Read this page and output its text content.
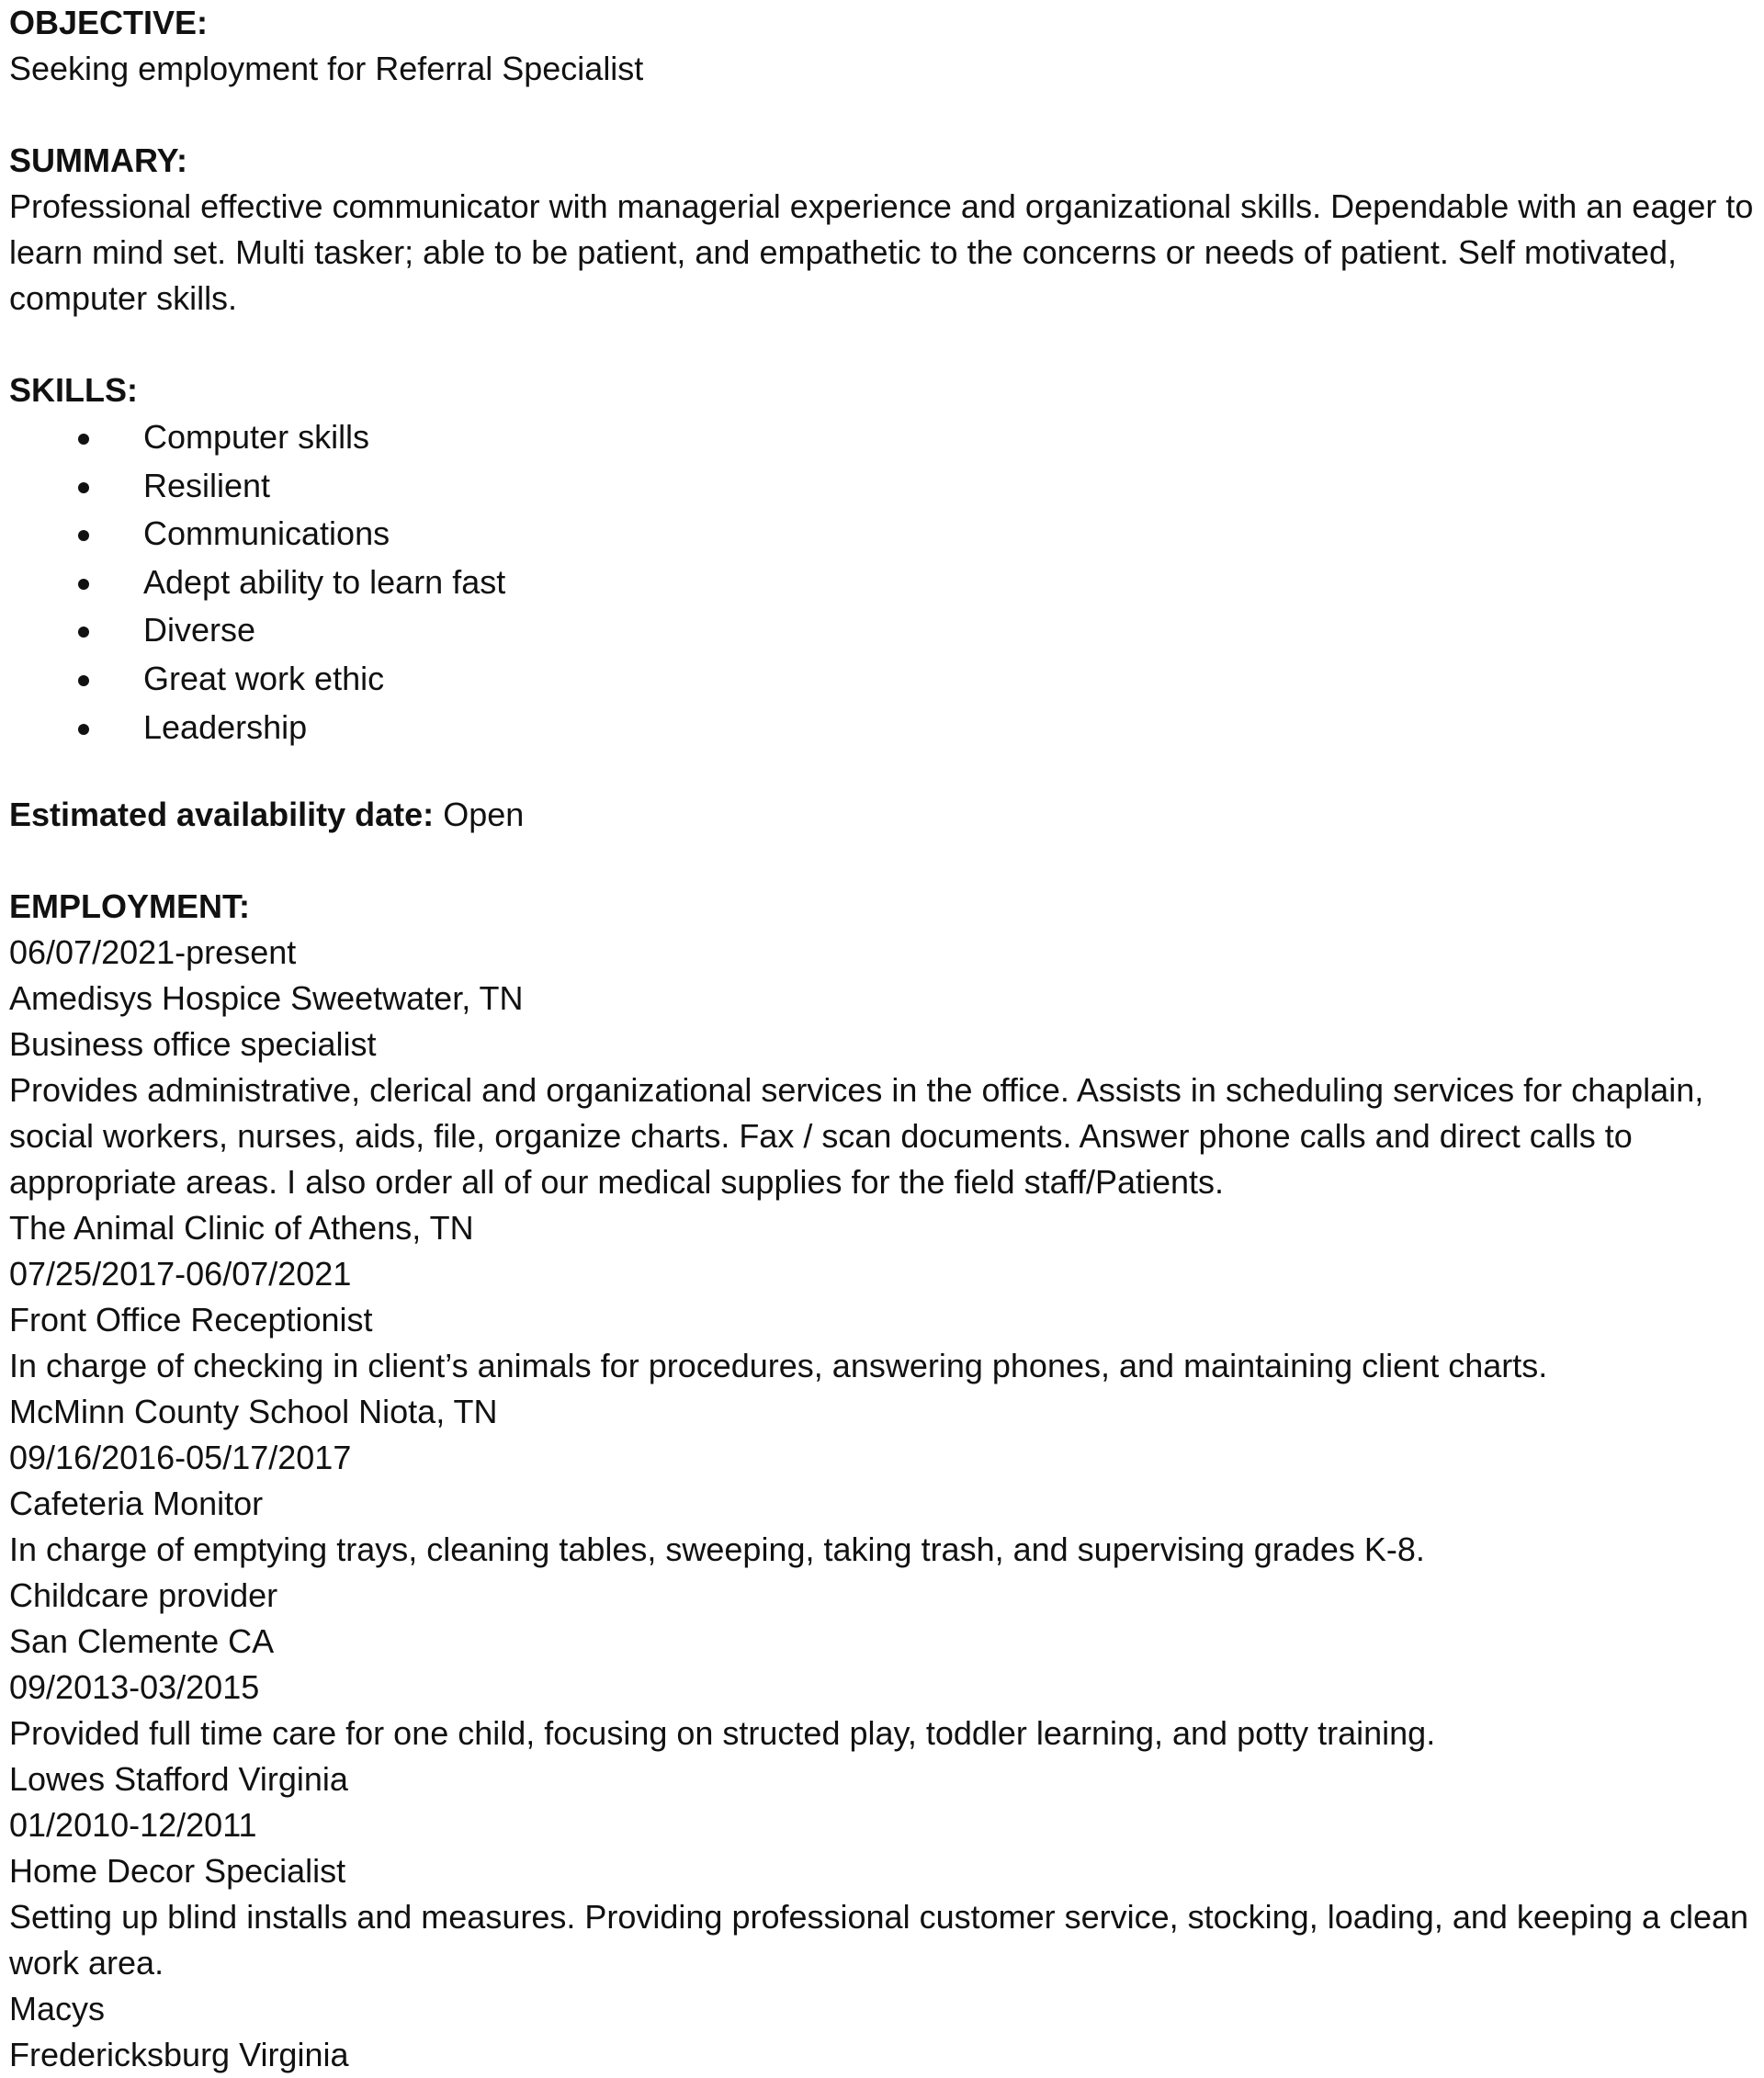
OBJECTIVE:
Seeking employment for Referral Specialist
SUMMARY:
Professional effective communicator with managerial experience and organizational skills. Dependable with an eager to learn mind set. Multi tasker; able to be patient, and empathetic to the concerns or needs of patient. Self motivated, computer skills.
SKILLS:
Computer skills
Resilient
Communications
Adept ability to learn fast
Diverse
Great work ethic
Leadership
Estimated availability date: Open
EMPLOYMENT:
06/07/2021-present
Amedisys Hospice Sweetwater, TN
Business office specialist
Provides administrative, clerical and organizational services in the office. Assists in scheduling services for chaplain, social workers, nurses, aids, file, organize charts. Fax / scan documents. Answer phone calls and direct calls to appropriate areas. I also order all of our medical supplies for the field staff/Patients.
The Animal Clinic of Athens, TN
07/25/2017-06/07/2021
Front Office Receptionist
In charge of checking in client’s animals for procedures, answering phones, and maintaining client charts.
McMinn County School Niota, TN
09/16/2016-05/17/2017
Cafeteria Monitor
In charge of emptying trays, cleaning tables, sweeping, taking trash, and supervising grades K-8.
Childcare provider
San Clemente CA
09/2013-03/2015
Provided full time care for one child, focusing on structed play, toddler learning, and potty training.
Lowes Stafford Virginia
01/2010-12/2011
Home Decor Specialist
Setting up blind installs and measures. Providing professional customer service, stocking, loading, and keeping a clean work area.
Macys
Fredericksburg Virginia
